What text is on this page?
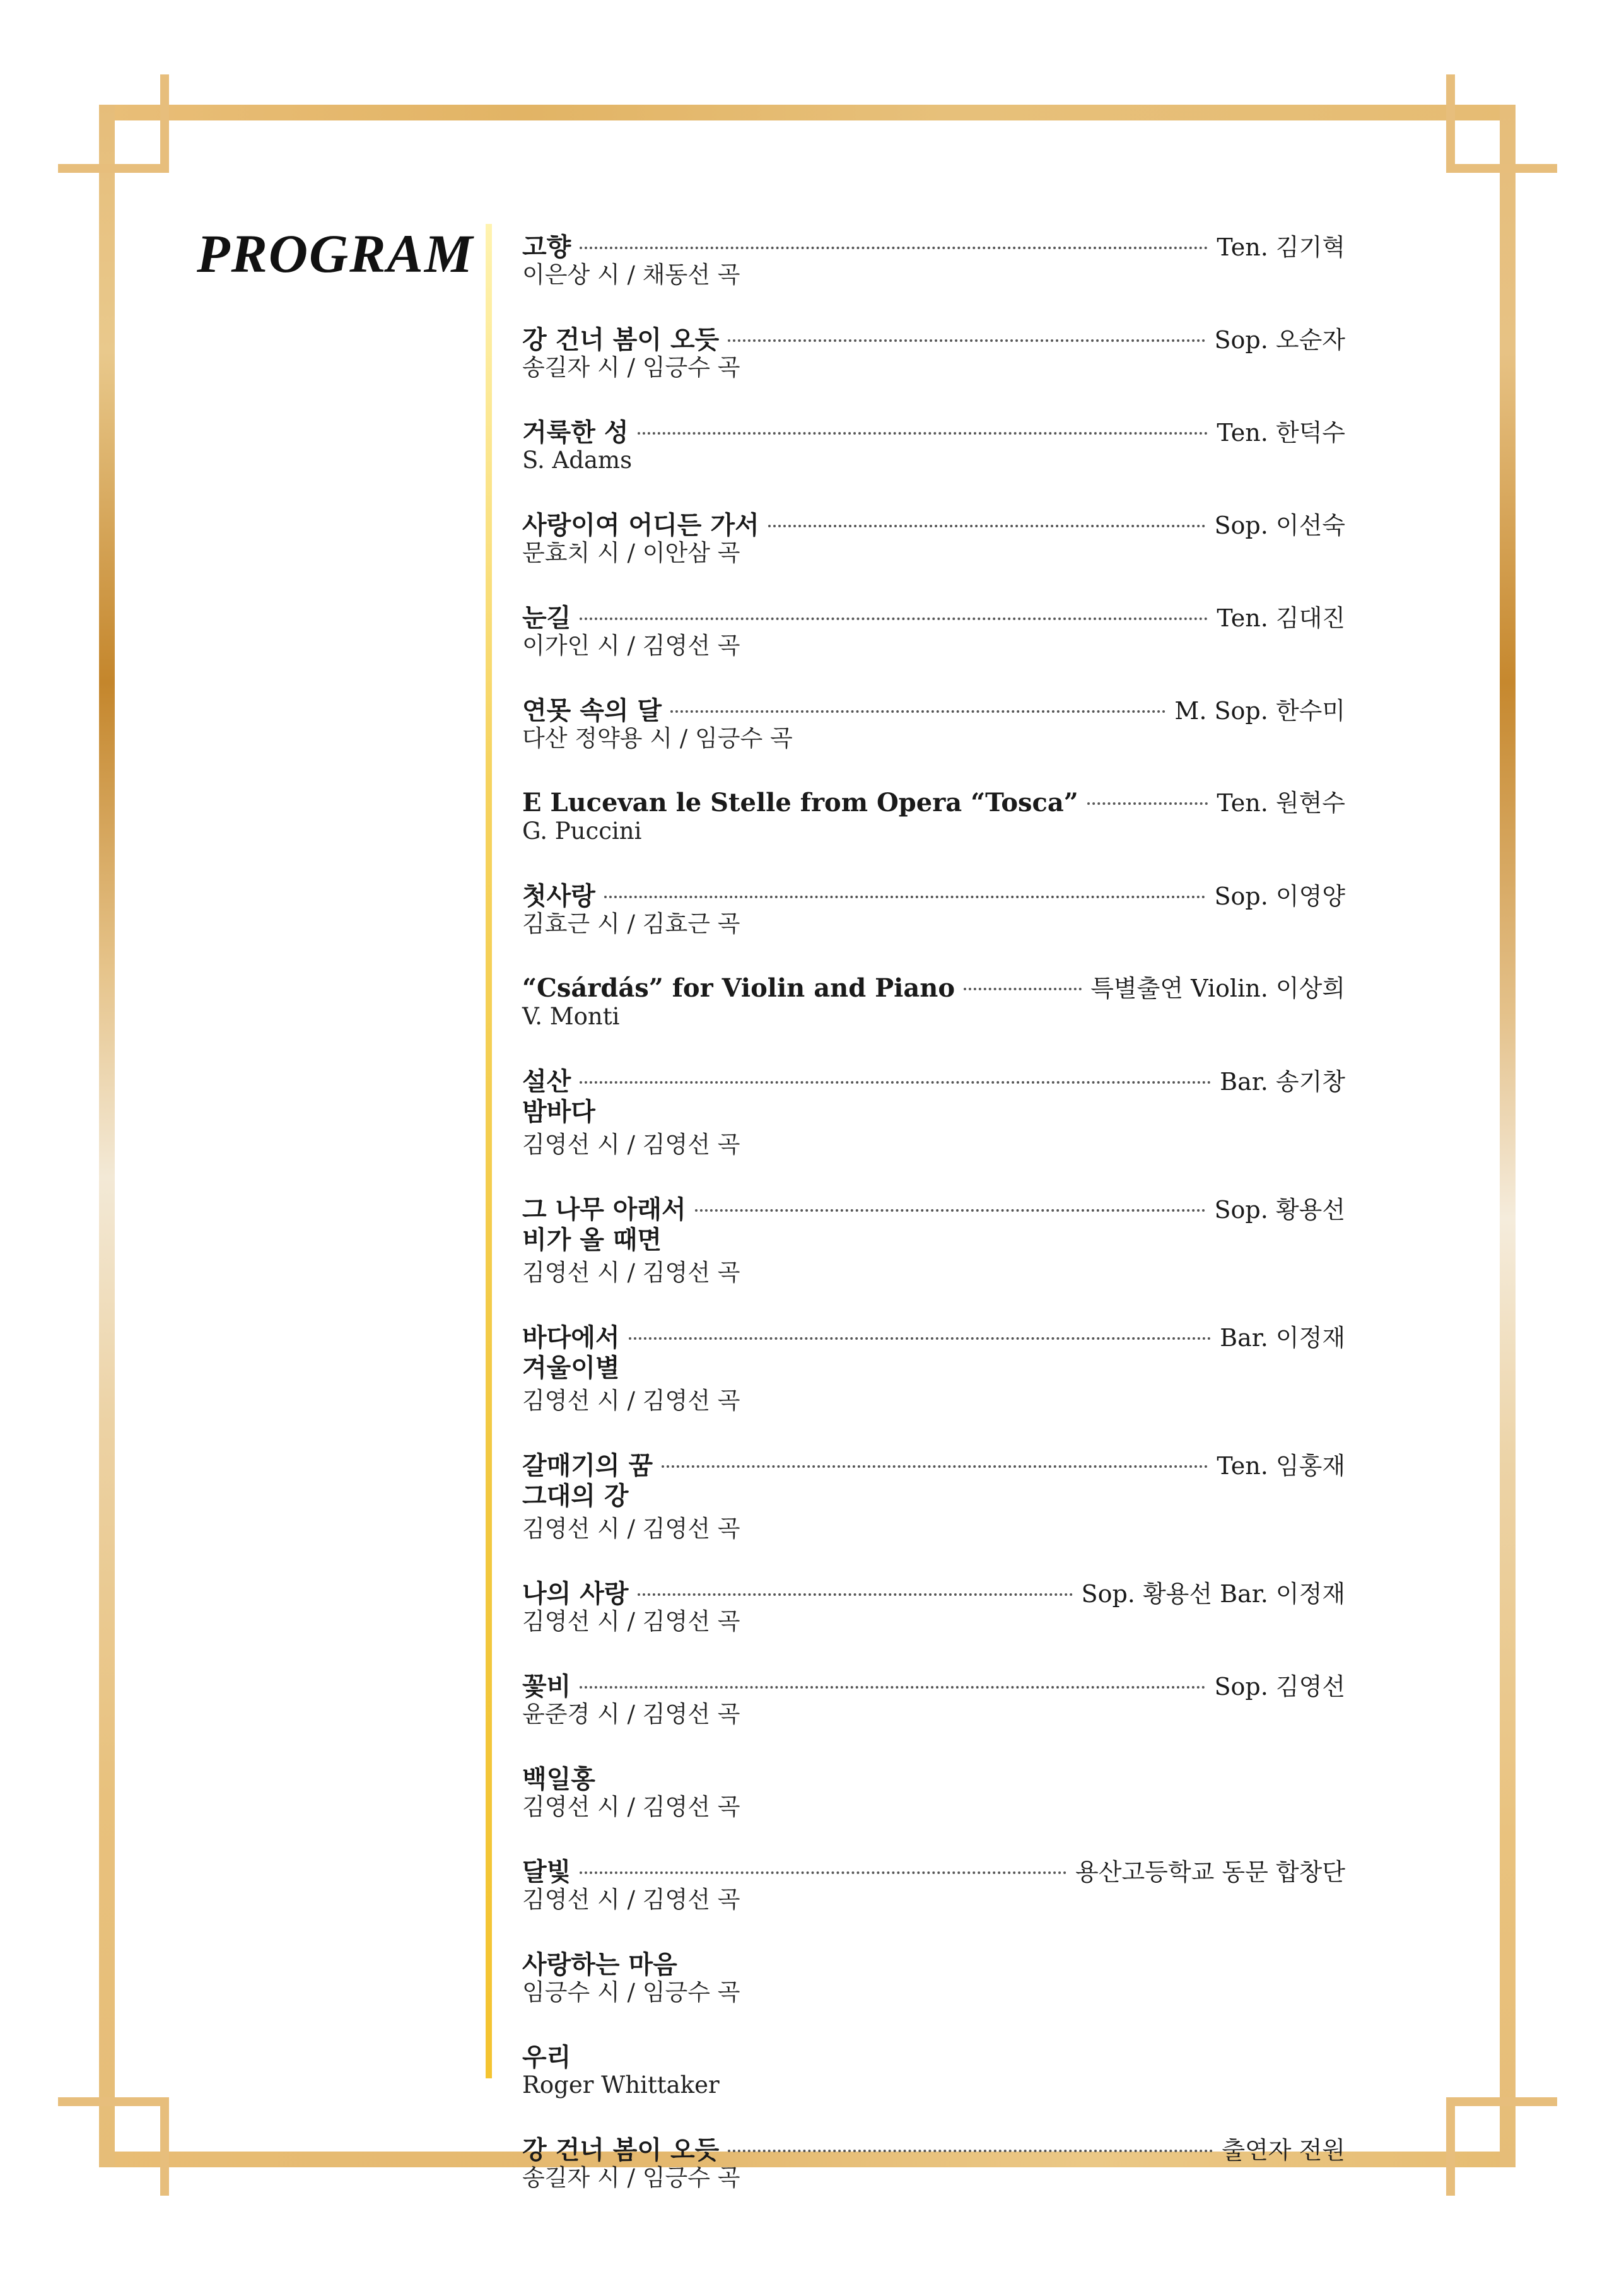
PROGRAM 고향	Ten. 김기혁
이은상 시 / 채동선 곡
강 건너 봄이 오듯	Sop. 오순자
송길자 시 / 임긍수 곡
거룩한 성	Ten. 한덕수
S. Adams
사랑이여 어디든 가서	Sop. 이선숙
문효치 시 / 이안삼 곡
눈길	Ten. 김대진
이가인 시 / 김영선 곡
연못 속의 달	M. Sop. 한수미
다산 정약용 시 / 임긍수 곡
E Lucevan le Stelle from Opera “Tosca”	Ten. 원현수
G. Puccini
첫사랑	Sop. 이영양
김효근 시 / 김효근 곡
“Csárdás” for Violin and Piano	특별출연 Violin. 이상희
V. Monti
설산	Bar. 송기창
밤바다
김영선 시 / 김영선 곡
그 나무 아래서	Sop. 황용선
비가 올 때면
김영선 시 / 김영선 곡
바다에서	Bar. 이정재
겨울이별
김영선 시 / 김영선 곡
갈매기의 꿈	Ten. 임홍재
그대의 강
김영선 시 / 김영선 곡
나의 사랑	Sop. 황용선 Bar. 이정재
김영선 시 / 김영선 곡
꽃비	Sop. 김영선
윤준경 시 / 김영선 곡
백일홍
김영선 시 / 김영선 곡
달빛	용산고등학교 동문 합창단
김영선 시 / 김영선 곡
사랑하는 마음
임긍수 시 / 임긍수 곡
우리
Roger Whittaker
강 건너 봄이 오듯	출연자 전원
송길자 시 / 임긍수 곡
